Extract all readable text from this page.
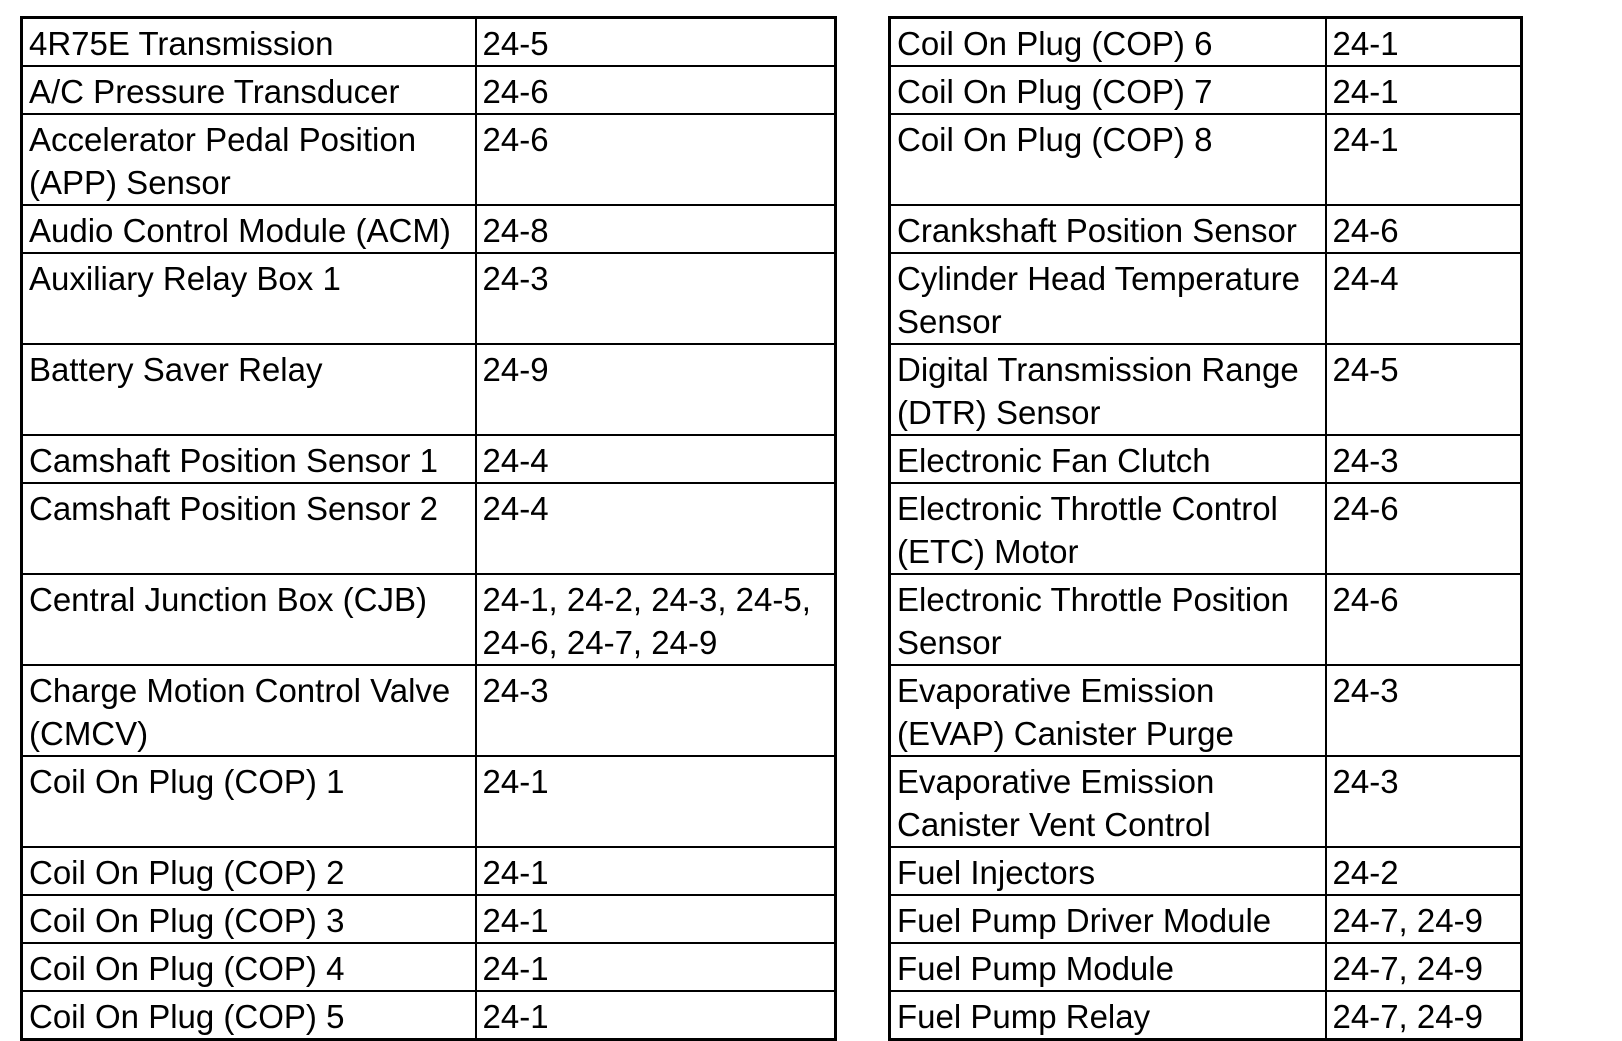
4R75E Transmission	24-5
A/C Pressure Transducer	24-6
Accelerator Pedal Position
(APP) Sensor	24-6
Audio Control Module (ACM)	24-8
Auxiliary Relay Box 1	24-3
Battery Saver Relay	24-9
Camshaft Position Sensor 1	24-4
Camshaft Position Sensor 2	24-4
Central Junction Box (CJB)	24-1, 24-2, 24-3, 24-5,
24-6, 24-7, 24-9
Charge Motion Control Valve
(CMCV)	24-3
Coil On Plug (COP) 1	24-1
Coil On Plug (COP) 2	24-1
Coil On Plug (COP) 3	24-1
Coil On Plug (COP) 4	24-1
Coil On Plug (COP) 5	24-1
Coil On Plug (COP) 6	24-1
Coil On Plug (COP) 7	24-1
Coil On Plug (COP) 8	24-1
Crankshaft Position Sensor	24-6
Cylinder Head Temperature
Sensor	24-4
Digital Transmission Range
(DTR) Sensor	24-5
Electronic Fan Clutch	24-3
Electronic Throttle Control
(ETC) Motor	24-6
Electronic Throttle Position
Sensor	24-6
Evaporative Emission
(EVAP) Canister Purge	24-3
Evaporative Emission
Canister Vent Control	24-3
Fuel Injectors	24-2
Fuel Pump Driver Module	24-7, 24-9
Fuel Pump Module	24-7, 24-9
Fuel Pump Relay	24-7, 24-9
